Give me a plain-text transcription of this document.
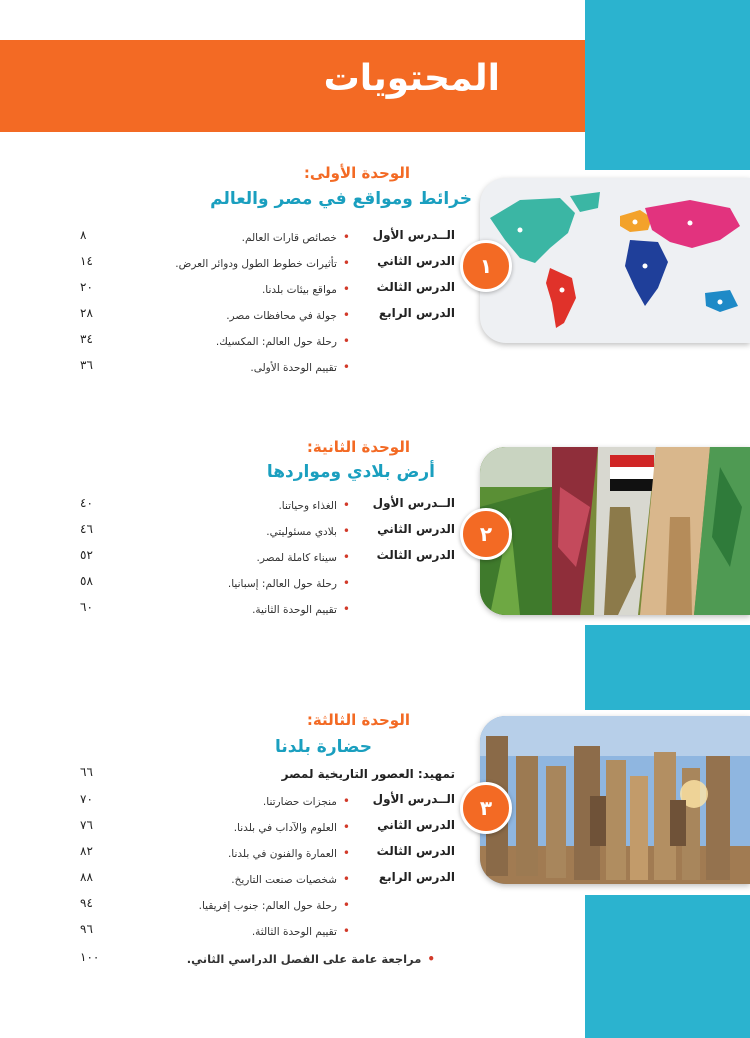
المحتويات
الوحدة الأولى:
خرائط ومواقع في مصر والعالم
الــدرس الأول
• خصائص قارات العالم.
٨
الدرس الثاني
• تأثيرات خطوط الطول ودوائر العرض.
١٤
الدرس الثالث
• مواقع بيئات بلدنا.
٢٠
الدرس الرابع
• جولة في محافظات مصر.
٢٨
• رحلة حول العالم: المكسيك.
٣٤
• تقييم الوحدة الأولى.
٣٦
١
الوحدة الثانية:
أرض بلادي ومواردها
الــدرس الأول
• الغذاء وحياتنا.
٤٠
الدرس الثاني
• بلادي مسئوليتي.
٤٦
الدرس الثالث
• سيناء كاملة لمصر.
٥٢
• رحلة حول العالم: إسبانيا.
٥٨
• تقييم الوحدة الثانية.
٦٠
٢
الوحدة الثالثة:
حضارة بلدنا
تمهيد: العصور التاريخية لمصر
٦٦
الــدرس الأول
• منجزات حضارتنا.
٧٠
الدرس الثاني
• العلوم والآداب في بلدنا.
٧٦
الدرس الثالث
• العمارة والفنون في بلدنا.
٨٢
الدرس الرابع
• شخصيات صنعت التاريخ.
٨٨
• رحلة حول العالم: جنوب إفريقيا.
٩٤
• تقييم الوحدة الثالثة.
٩٦
• مراجعة عامة على الفصل الدراسي الثاني.
١٠٠
٣
